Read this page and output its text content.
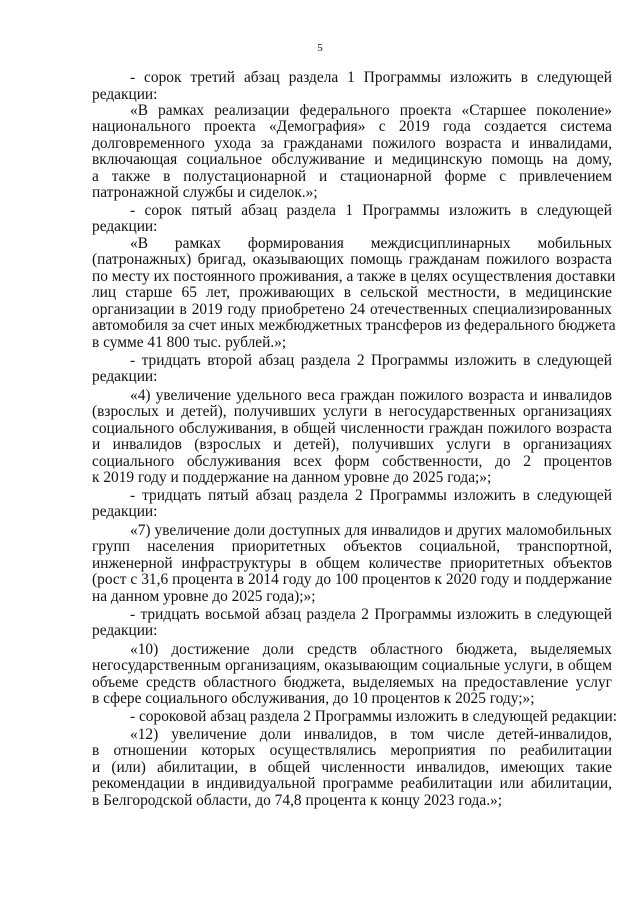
5
- сорок третий абзац раздела 1 Программы изложить в следующей
редакции:
«В рамках реализации федерального проекта «Старшее поколение»
национального проекта «Демография» с 2019 года создается система
долговременного ухода за гражданами пожилого возраста и инвалидами,
включающая социальное обслуживание и медицинскую помощь на дому,
а также в полустационарной и стационарной форме с привлечением
патронажной службы и сиделок.»;
- сорок пятый абзац раздела 1 Программы изложить в следующей
редакции:
«В рамках формирования междисциплинарных мобильных
(патронажных) бригад, оказывающих помощь гражданам пожилого возраста
по месту их постоянного проживания, а также в целях осуществления доставки
лиц старше 65 лет, проживающих в сельской местности, в медицинские
организации в 2019 году приобретено 24 отечественных специализированных
автомобиля за счет иных межбюджетных трансферов из федерального бюджета
в сумме 41 800 тыс. рублей.»;
- тридцать второй абзац раздела 2 Программы изложить в следующей
редакции:
«4) увеличение удельного веса граждан пожилого возраста и инвалидов
(взрослых и детей), получивших услуги в негосударственных организациях
социального обслуживания, в общей численности граждан пожилого возраста
и инвалидов (взрослых и детей), получивших услуги в организациях
социального обслуживания всех форм собственности, до 2 процентов
к 2019 году и поддержание на данном уровне до 2025 года;»;
- тридцать пятый абзац раздела 2 Программы изложить в следующей
редакции:
«7) увеличение доли доступных для инвалидов и других маломобильных
групп населения приоритетных объектов социальной, транспортной,
инженерной инфраструктуры в общем количестве приоритетных объектов
(рост с 31,6 процента в 2014 году до 100 процентов к 2020 году и поддержание
на данном уровне до 2025 года);»;
- тридцать восьмой абзац раздела 2 Программы изложить в следующей
редакции:
«10) достижение доли средств областного бюджета, выделяемых
негосударственным организациям, оказывающим социальные услуги, в общем
объеме средств областного бюджета, выделяемых на предоставление услуг
в сфере социального обслуживания, до 10 процентов к 2025 году;»;
- сороковой абзац раздела 2 Программы изложить в следующей редакции:
«12) увеличение доли инвалидов, в том числе детей-инвалидов,
в отношении которых осуществлялись мероприятия по реабилитации
и (или) абилитации, в общей численности инвалидов, имеющих такие
рекомендации в индивидуальной программе реабилитации или абилитации,
в Белгородской области, до 74,8 процента к концу 2023 года.»;
